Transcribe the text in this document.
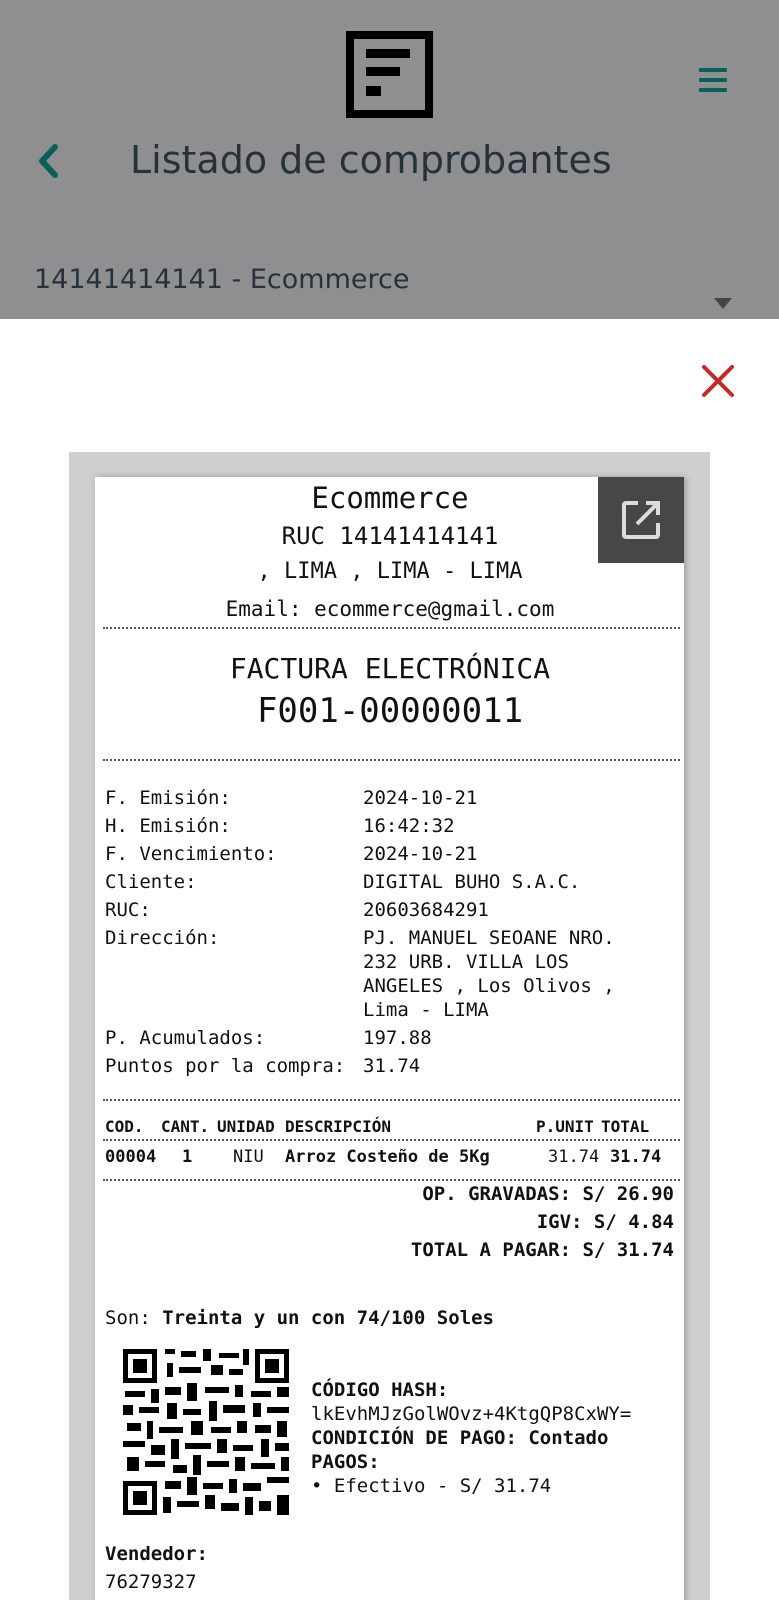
Listado de comprobantes
14141414141 - Ecommerce
Ecommerce
RUC 14141414141
, LIMA , LIMA - LIMA
Email: ecommerce@gmail.com
FACTURA ELECTRÓNICA
F001-00000011
F. Emisión:	2024-10-21
H. Emisión:	16:42:32
F. Vencimiento:	2024-10-21
Cliente:	DIGITAL BUHO S.A.C.
RUC:	20603684291
Dirección:	PJ. MANUEL SEOANE NRO.
232 URB. VILLA LOS
ANGELES , Los Olivos ,
Lima - LIMA
P. Acumulados:	197.88
Puntos por la compra: 31.74
COD. CANT. UNIDAD DESCRIPCIÓN	P.UNIT TOTAL
00004 1 NIU Arroz Costeño de 5Kg	31.74 31.74
OP. GRAVADAS: S/ 26.90
IGV: S/ 4.84
TOTAL A PAGAR: S/ 31.74
Son: Treinta y un con 74/100 Soles
CÓDIGO HASH:
lkEvhMJzGolWOvz+4KtgQP8CxWY=
CONDICIÓN DE PAGO: Contado
PAGOS:
• Efectivo - S/ 31.74
Vendedor:
76279327
